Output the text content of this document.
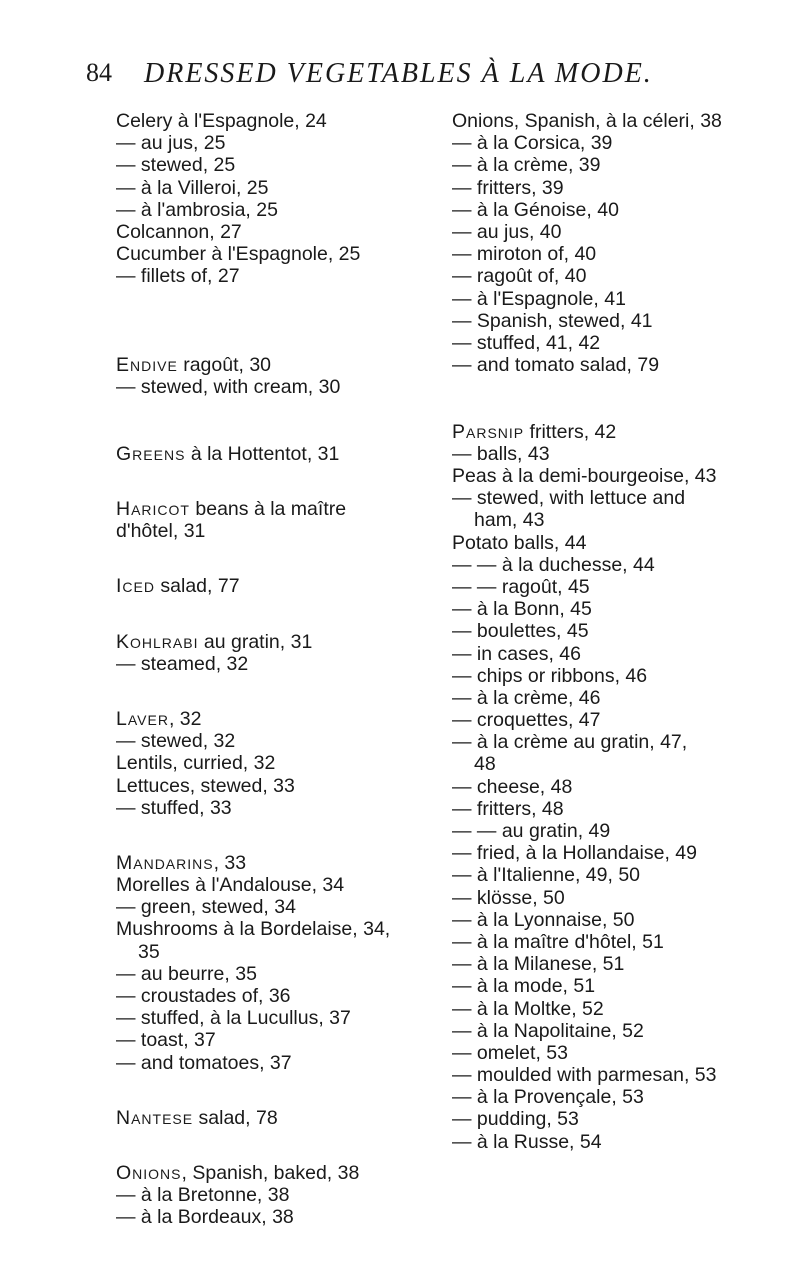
84 DRESSED VEGETABLES À LA MODE.
Celery à l'Espagnole, 24
— au jus, 25
— stewed, 25
— à la Villeroi, 25
— à l'ambrosia, 25
Colcannon, 27
Cucumber à l'Espagnole, 25
— fillets of, 27
Endive ragoût, 30
— stewed, with cream, 30
Greens à la Hottentot, 31
Haricot beans à la maître
d'hôtel, 31
Iced salad, 77
Kohlrabi au gratin, 31
— steamed, 32
Laver, 32
— stewed, 32
Lentils, curried, 32
Lettuces, stewed, 33
— stuffed, 33
Mandarins, 33
Morelles à l'Andalouse, 34
— green, stewed, 34
Mushrooms à la Bordelaise, 34,
35
— au beurre, 35
— croustades of, 36
— stuffed, à la Lucullus, 37
— toast, 37
— and tomatoes, 37
Nantese salad, 78
Onions, Spanish, baked, 38
— à la Bretonne, 38
— à la Bordeaux, 38
Onions, Spanish, à la céleri, 38
— à la Corsica, 39
— à la crème, 39
— fritters, 39
— à la Génoise, 40
— au jus, 40
— miroton of, 40
— ragoût of, 40
— à l'Espagnole, 41
— Spanish, stewed, 41
— stuffed, 41, 42
— and tomato salad, 79
Parsnip fritters, 42
— balls, 43
Peas à la demi-bourgeoise, 43
— stewed, with lettuce and
ham, 43
Potato balls, 44
— — à la duchesse, 44
— — ragoût, 45
— à la Bonn, 45
— boulettes, 45
— in cases, 46
— chips or ribbons, 46
— à la crème, 46
— croquettes, 47
— à la crème au gratin, 47,
48
— cheese, 48
— fritters, 48
— — au gratin, 49
— fried, à la Hollandaise, 49
— à l'Italienne, 49, 50
— klösse, 50
— à la Lyonnaise, 50
— à la maître d'hôtel, 51
— à la Milanese, 51
— à la mode, 51
— à la Moltke, 52
— à la Napolitaine, 52
— omelet, 53
— moulded with parmesan, 53
— à la Provençale, 53
— pudding, 53
— à la Russe, 54
